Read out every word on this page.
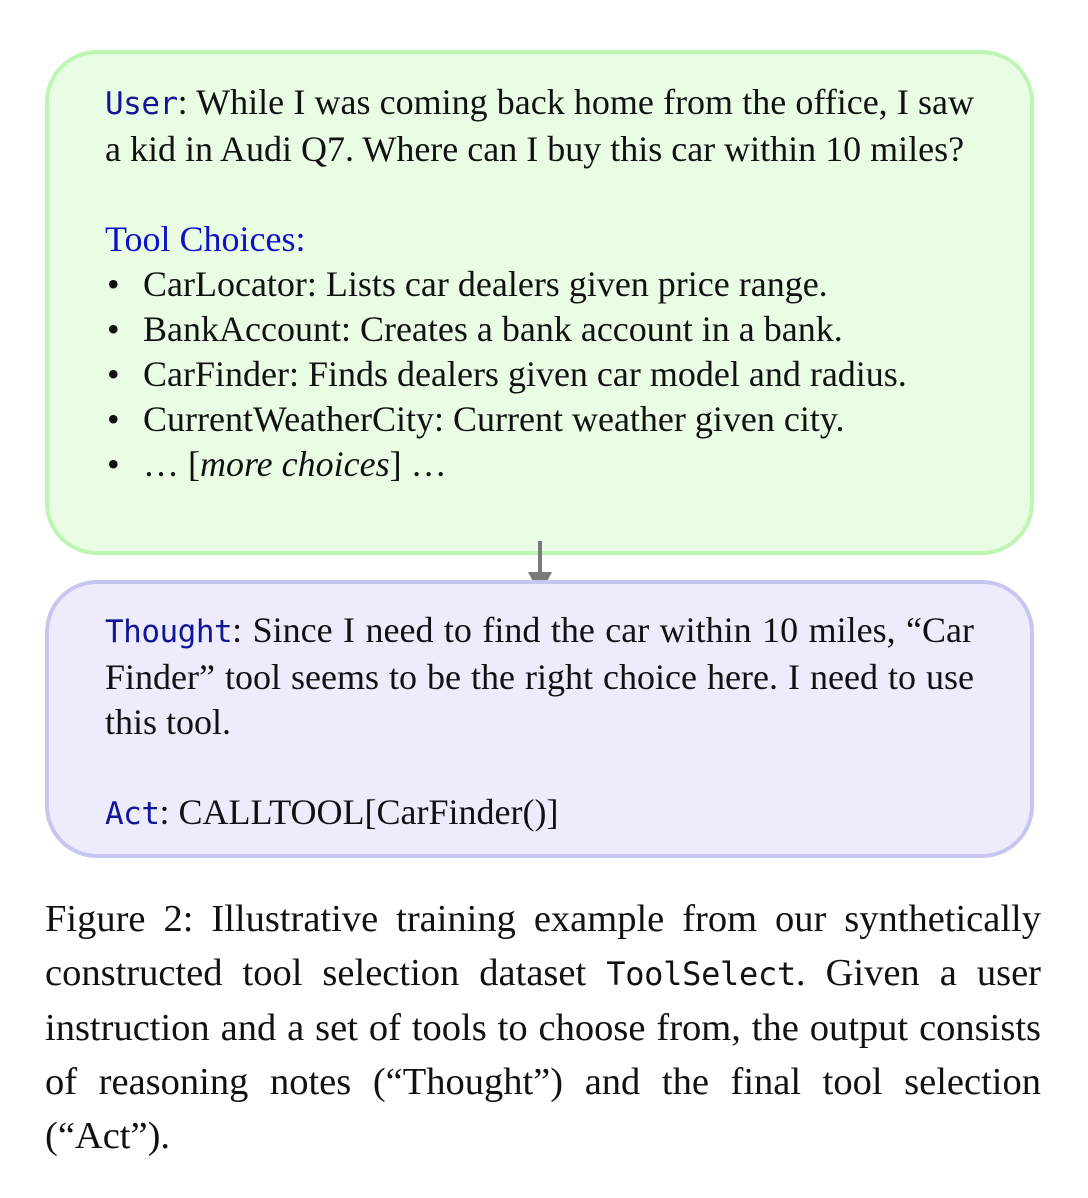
User: While I was coming back home from the office, I saw a kid in Audi Q7. Where can I buy this car within 10 miles?

Tool Choices:

• CarLocator: Lists car dealers given price range.
• BankAccount: Creates a bank account in a bank.
• CarFinder: Finds dealers given car model and radius.
• CurrentWeatherCity: Current weather given city.
• … [more choices] …

Thought: Since I need to find the car within 10 miles, “Car Finder” tool seems to be the right choice here. I need to use this tool.

Act: CALLTOOL[CarFinder()]

Figure 2: Illustrative training example from our synthetically constructed tool selection dataset ToolSelect. Given a user instruction and a set of tools to choose from, the output consists of reasoning notes (“Thought”) and the final tool selection (“Act”).
